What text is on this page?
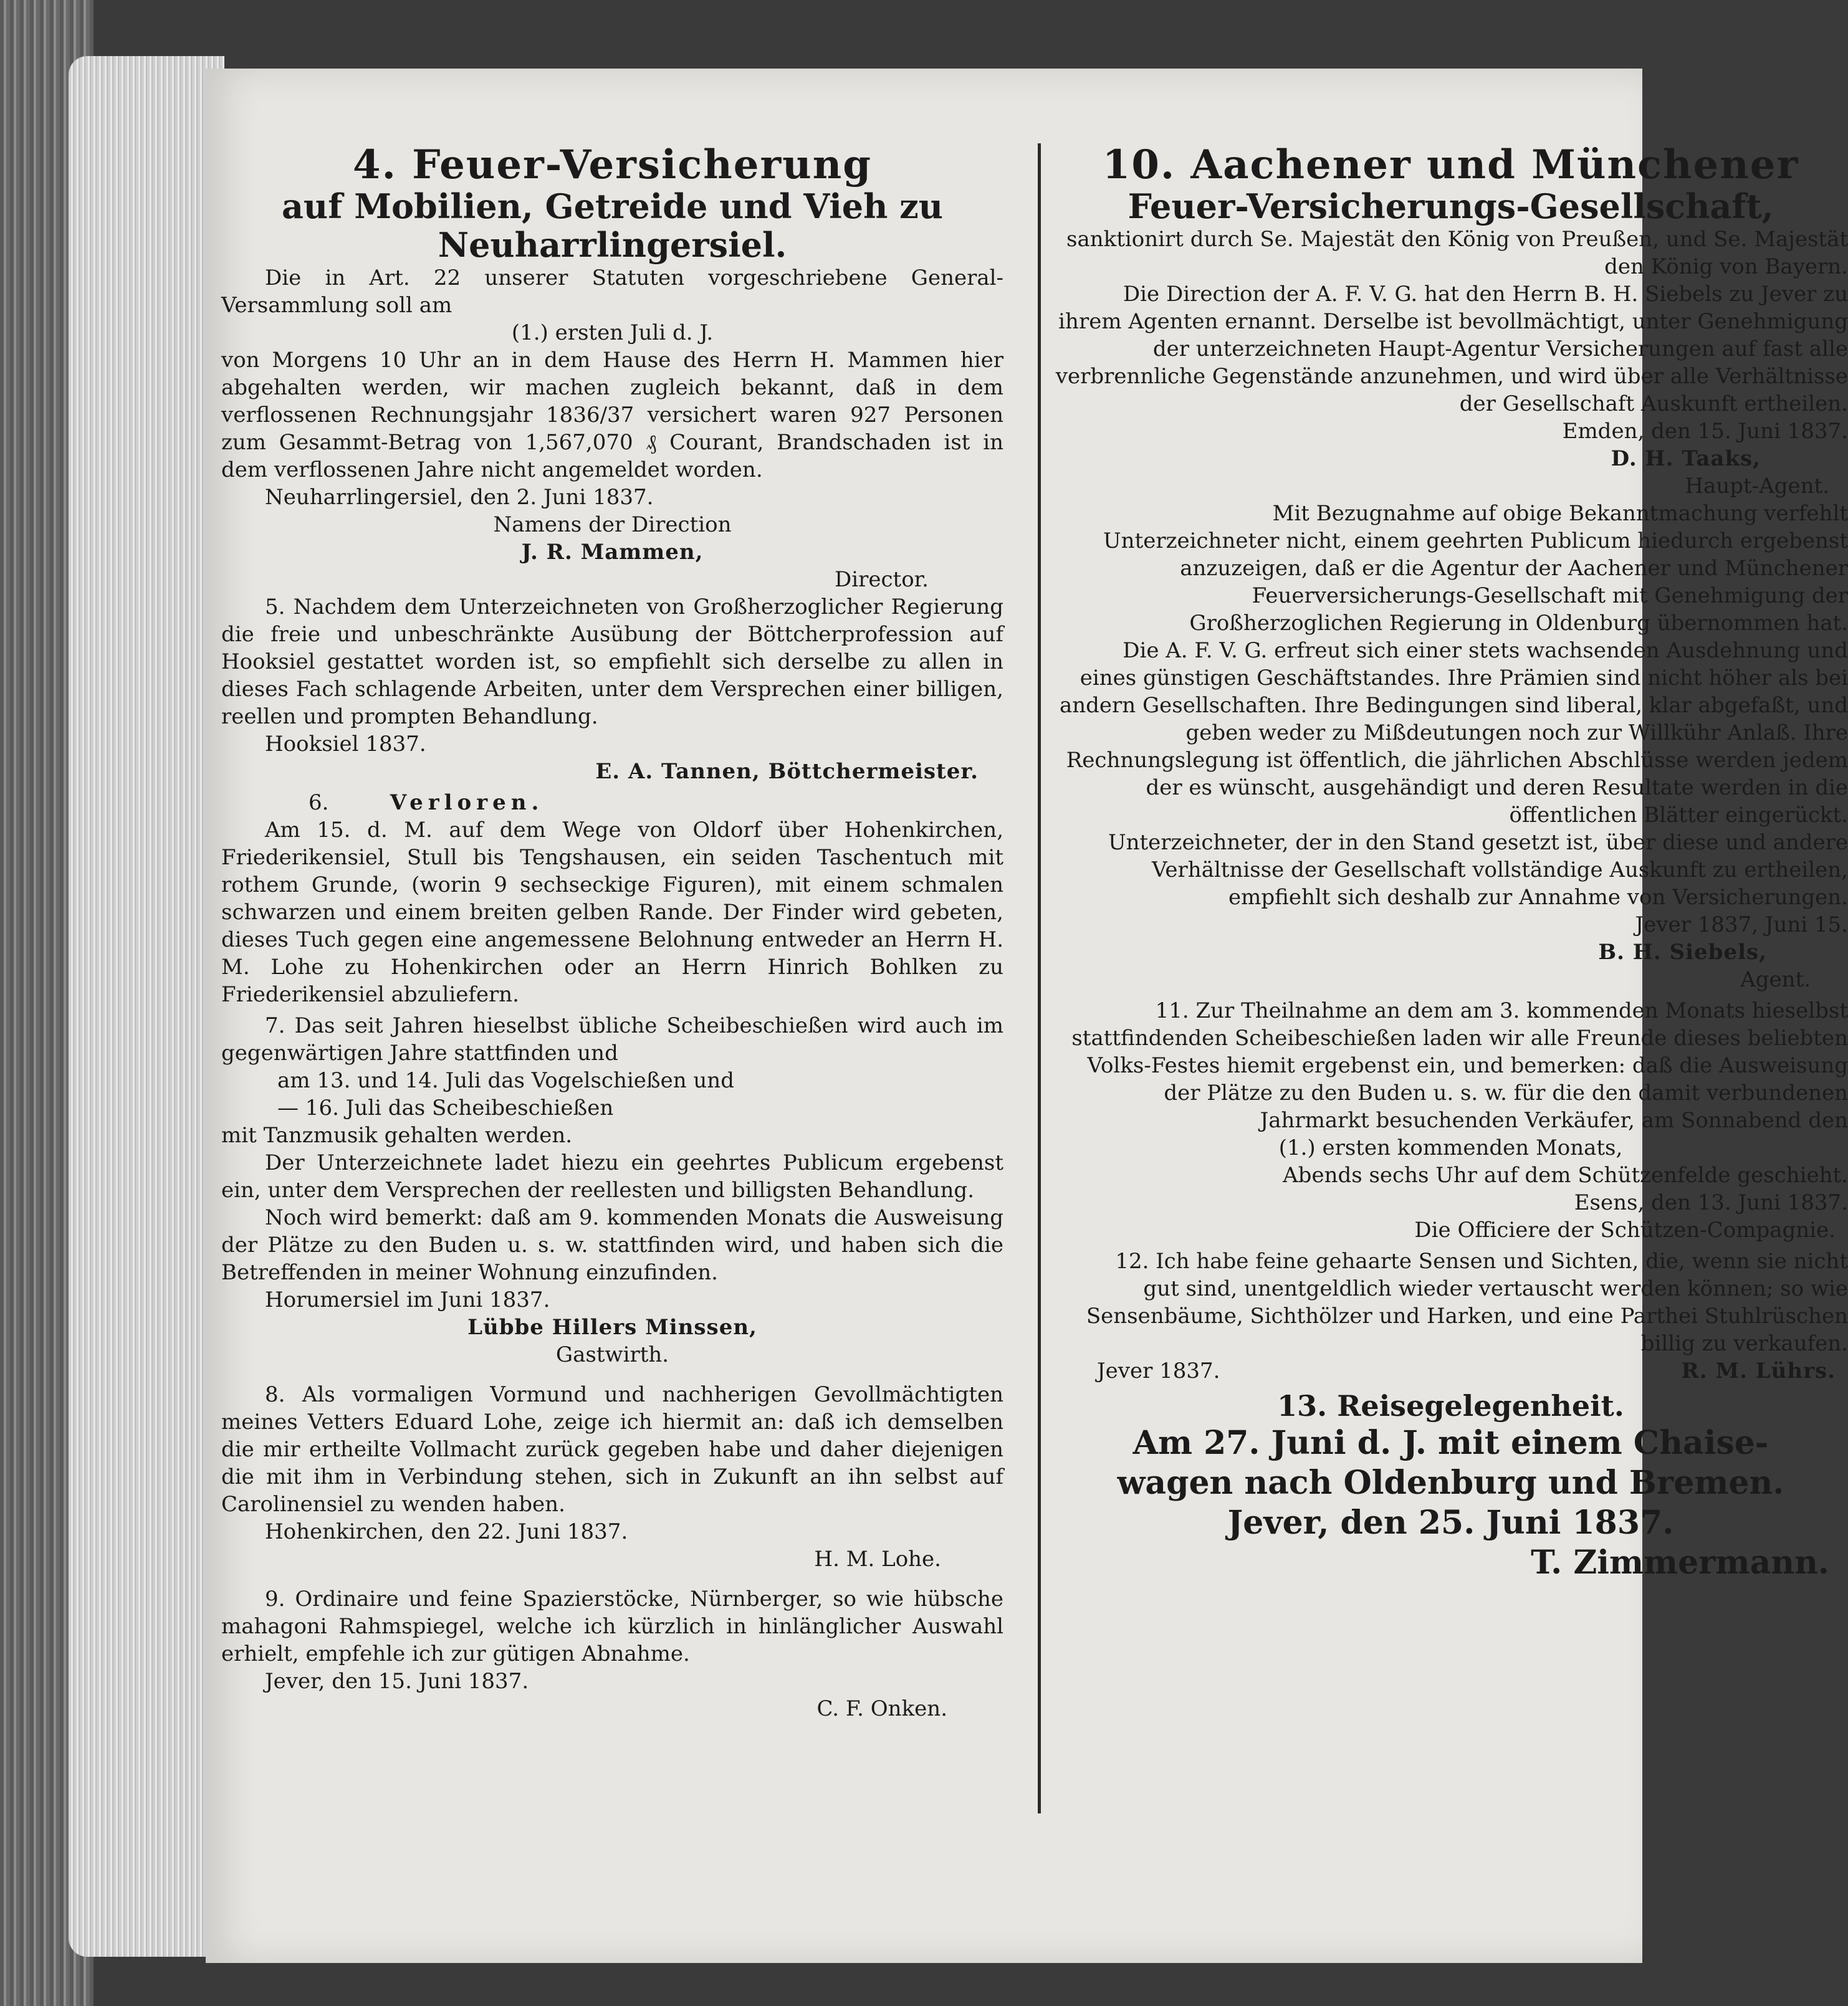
4. Feuer-Versicherung

auf Mobilien, Getreide und Vieh zu

Neuharrlingersiel.

Die in Art. 22 unserer Statuten vorgeschriebene General-Versammlung soll am

(1.) ersten Juli d. J.

von Morgens 10 Uhr an in dem Hause des Herrn H. Mammen hier abgehalten werden, wir machen zugleich bekannt, daß in dem verflossenen Rechnungsjahr 1836/37 versichert waren 927 Personen zum Gesammt-Betrag von 1,567,070 ₰ Courant, Brandschaden ist in dem verflossenen Jahre nicht angemeldet worden.

Neuharrlingersiel, den 2. Juni 1837.

Namens der Direction

J. R. Mammen,

Director.

5. Nachdem dem Unterzeichneten von Großherzoglicher Regierung die freie und unbeschränkte Ausübung der Böttcherprofession auf Hooksiel gestattet worden ist, so empfiehlt sich derselbe zu allen in dieses Fach schlagende Arbeiten, unter dem Versprechen einer billigen, reellen und prompten Behandlung.

Hooksiel 1837.

E. A. Tannen, Böttchermeister.

6.	Verloren.

Am 15. d. M. auf dem Wege von Oldorf über Hohenkirchen, Friederikensiel, Stull bis Tengshausen, ein seiden Taschentuch mit rothem Grunde, (worin 9 sechseckige Figuren), mit einem schmalen schwarzen und einem breiten gelben Rande. Der Finder wird gebeten, dieses Tuch gegen eine angemessene Belohnung entweder an Herrn H. M. Lohe zu Hohenkirchen oder an Herrn Hinrich Bohlken zu Friederikensiel abzuliefern.

7. Das seit Jahren hieselbst übliche Scheibeschießen wird auch im gegenwärtigen Jahre stattfinden und

am 13. und 14. Juli das Vogelschießen und

— 16. Juli das Scheibeschießen

mit Tanzmusik gehalten werden.

Der Unterzeichnete ladet hiezu ein geehrtes Publicum ergebenst ein, unter dem Versprechen der reellesten und billigsten Behandlung.

Noch wird bemerkt: daß am 9. kommenden Monats die Ausweisung der Plätze zu den Buden u. s. w. stattfinden wird, und haben sich die Betreffenden in meiner Wohnung einzufinden.

Horumersiel im Juni 1837.

Lübbe Hillers Minssen,

Gastwirth.

8. Als vormaligen Vormund und nachherigen Gevollmächtigten meines Vetters Eduard Lohe, zeige ich hiermit an: daß ich demselben die mir ertheilte Vollmacht zurück gegeben habe und daher diejenigen die mit ihm in Verbindung stehen, sich in Zukunft an ihn selbst auf Carolinensiel zu wenden haben.

Hohenkirchen, den 22. Juni 1837.

H. M. Lohe.

9. Ordinaire und feine Spazierstöcke, Nürnberger, so wie hübsche mahagoni Rahmspiegel, welche ich kürzlich in hinlänglicher Auswahl erhielt, empfehle ich zur gütigen Abnahme.

Jever, den 15. Juni 1837.

C. F. Onken.

10. Aachener und Münchener

Feuer-Versicherungs-Gesellschaft,

sanktionirt durch Se. Majestät den König von Preußen, und Se. Majestät den König von Bayern.

Die Direction der A. F. V. G. hat den Herrn B. H. Siebels zu Jever zu ihrem Agenten ernannt. Derselbe ist bevollmächtigt, unter Genehmigung der unterzeichneten Haupt-Agentur Versicherungen auf fast alle verbrennliche Gegenstände anzunehmen, und wird über alle Verhältnisse der Gesellschaft Auskunft ertheilen.

Emden, den 15. Juni 1837.

D. H. Taaks,

Haupt-Agent.

Mit Bezugnahme auf obige Bekanntmachung verfehlt Unterzeichneter nicht, einem geehrten Publicum hiedurch ergebenst anzuzeigen, daß er die Agentur der Aachener und Münchener Feuerversicherungs-Gesellschaft mit Genehmigung der Großherzoglichen Regierung in Oldenburg übernommen hat.

Die A. F. V. G. erfreut sich einer stets wachsenden Ausdehnung und eines günstigen Geschäftstandes. Ihre Prämien sind nicht höher als bei andern Gesellschaften. Ihre Bedingungen sind liberal, klar abgefaßt, und geben weder zu Mißdeutungen noch zur Willkühr Anlaß. Ihre Rechnungslegung ist öffentlich, die jährlichen Abschlüsse werden jedem der es wünscht, ausgehändigt und deren Resultate werden in die öffentlichen Blätter eingerückt.

Unterzeichneter, der in den Stand gesetzt ist, über diese und andere Verhältnisse der Gesellschaft vollständige Auskunft zu ertheilen, empfiehlt sich deshalb zur Annahme von Versicherungen.

Jever 1837, Juni 15.

B. H. Siebels,

Agent.

11. Zur Theilnahme an dem am 3. kommenden Monats hieselbst stattfindenden Scheibeschießen laden wir alle Freunde dieses beliebten Volks-Festes hiemit ergebenst ein, und bemerken: daß die Ausweisung der Plätze zu den Buden u. s. w. für die den damit verbundenen Jahrmarkt besuchenden Verkäufer, am Sonnabend den

(1.) ersten kommenden Monats,

Abends sechs Uhr auf dem Schützenfelde geschieht.

Esens, den 13. Juni 1837.

Die Officiere der Schützen-Compagnie.

12. Ich habe feine gehaarte Sensen und Sichten, die, wenn sie nicht gut sind, unentgeldlich wieder vertauscht werden können; so wie Sensenbäume, Sichthölzer und Harken, und eine Parthei Stuhlrüschen billig zu verkaufen.

Jever 1837.	R. M. Lührs.

13. Reisegelegenheit.

Am 27. Juni d. J. mit einem Chaise-

wagen nach Oldenburg und Bremen.

Jever, den 25. Juni 1837.

T. Zimmermann.
